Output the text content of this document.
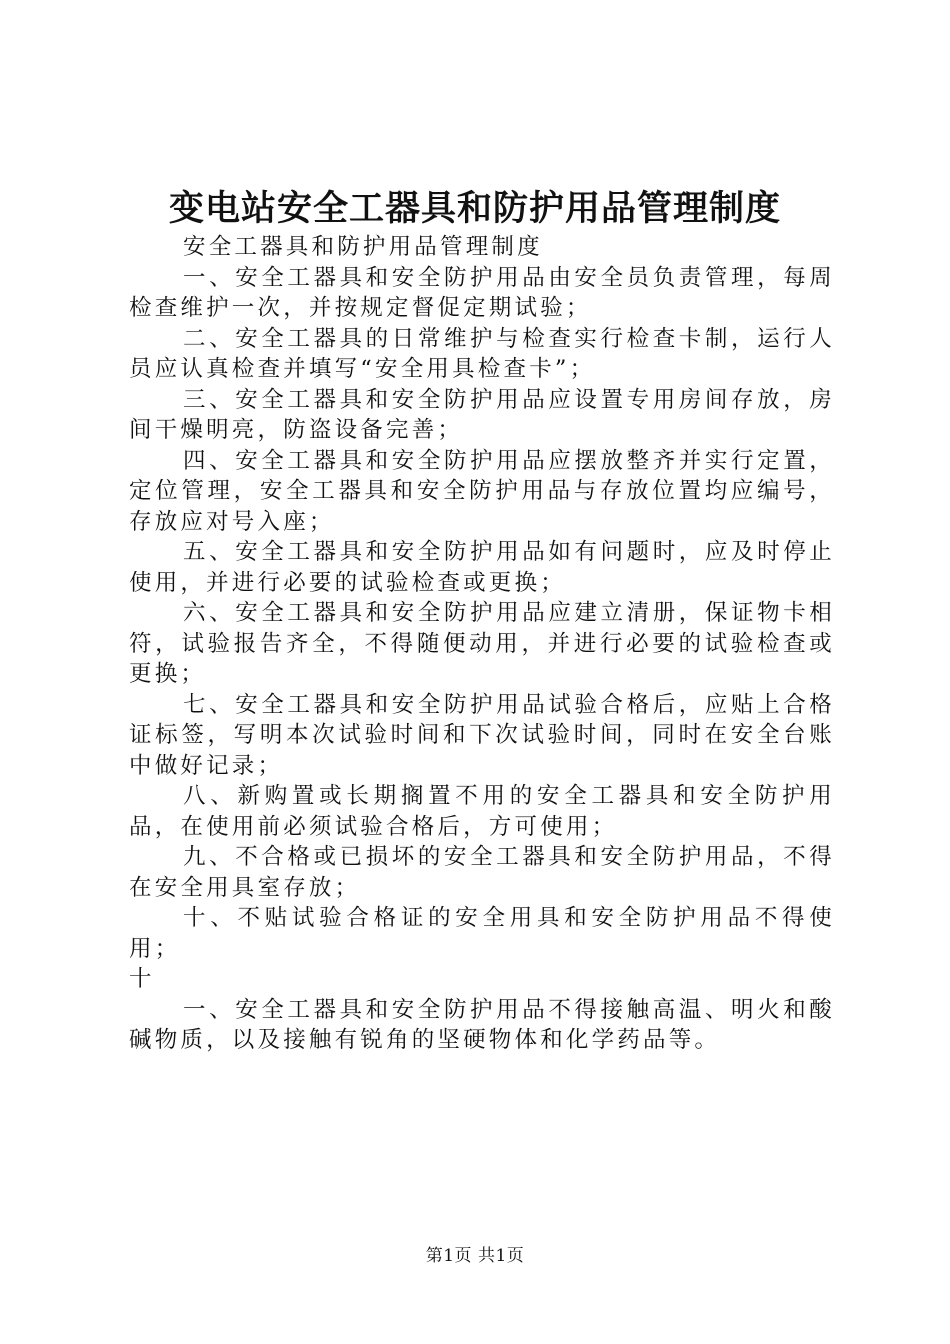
变电站安全工器具和防护用品管理制度

安全工器具和防护用品管理制度

一、安全工器具和安全防护用品由安全员负责管理，每周检查维护一次，并按规定督促定期试验；

二、安全工器具的日常维护与检查实行检查卡制，运行人员应认真检查并填写“安全用具检查卡”；

三、安全工器具和安全防护用品应设置专用房间存放，房间干燥明亮，防盗设备完善；

四、安全工器具和安全防护用品应摆放整齐并实行定置，定位管理，安全工器具和安全防护用品与存放位置均应编号，存放应对号入座；

五、安全工器具和安全防护用品如有问题时，应及时停止使用，并进行必要的试验检查或更换；

六、安全工器具和安全防护用品应建立清册，保证物卡相符，试验报告齐全，不得随便动用，并进行必要的试验检查或更换；

七、安全工器具和安全防护用品试验合格后，应贴上合格证标签，写明本次试验时间和下次试验时间，同时在安全台账中做好记录；

八、新购置或长期搁置不用的安全工器具和安全防护用品，在使用前必须试验合格后，方可使用；

九、不合格或已损坏的安全工器具和安全防护用品，不得在安全用具室存放；

十、不贴试验合格证的安全用具和安全防护用品不得使用；

十

一、安全工器具和安全防护用品不得接触高温、明火和酸碱物质，以及接触有锐角的坚硬物体和化学药品等。

第1页 共1页
